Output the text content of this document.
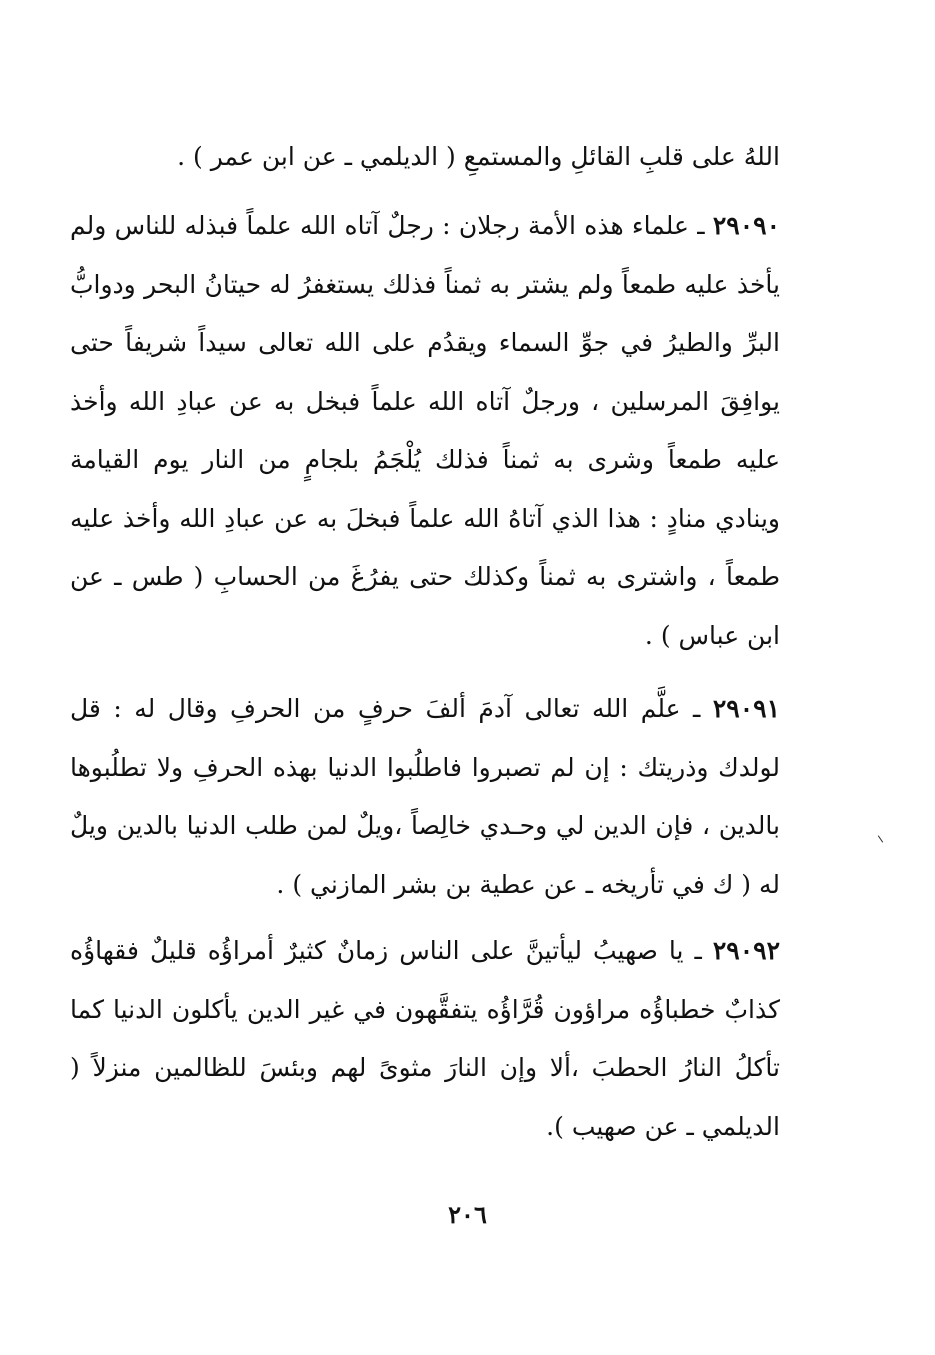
اللهُ على قلبِ القائلِ والمستمعِ ( الديلمي ـ عن ابن عمر ) .
٢٩٠٩٠ ـ علماء هذه الأمة رجلان : رجلٌ آتاه الله علماً فبذله للناس ولم يأخذ عليه طمعاً ولم يشتر به ثمناً فذلك يستغفرُ له حيتانُ البحر ودوابُّ البرِّ والطيرُ في جوِّ السماء ويقدُم على الله تعالى سيداً شريفاً حتى يوافِقَ المرسلين ، ورجلٌ آتاه الله علماً فبخل به عن عبادِ الله وأخذ عليه طمعاً وشرى به ثمناً فذلك يُلْجَمُ بلجامٍ من النار يوم القيامة وينادي منادٍ : هذا الذي آتاهُ الله علماً فبخلَ به عن عبادِ الله وأخذ عليه طمعاً ، واشترى به ثمناً وكذلك حتى يفرُغَ من الحسابِ ( طس ـ عن ابن عباس ) .
٢٩٠٩١ ـ علَّم الله تعالى آدمَ ألفَ حرفٍ من الحرفِ وقال له : قل لولدك وذريتك : إن لم تصبروا فاطلُبوا الدنيا بهذه الحرفِ ولا تطلُبوها بالدين ، فإن الدين لي وحـدي خالِصاً ،ويلٌ لمن طلب الدنيا بالدين ويلٌ له ( ك في تأريخه ـ عن عطية بن بشر المازني ) .
٢٩٠٩٢ ـ يا صهيبُ ليأتينَّ على الناس زمانٌ كثيرٌ أمراؤُه قليلٌ فقهاؤُه كذابٌ خطباؤُه مراؤون قُرَّاؤُه يتفقَّهون في غير الدين يأكلون الدنيا كما تأكلُ النارُ الحطبَ ،ألا وإن النارَ مثوىً لهم وبئسَ للظالمين منزلاً ( الديلمي ـ عن صهيب ).
٢٠٦
